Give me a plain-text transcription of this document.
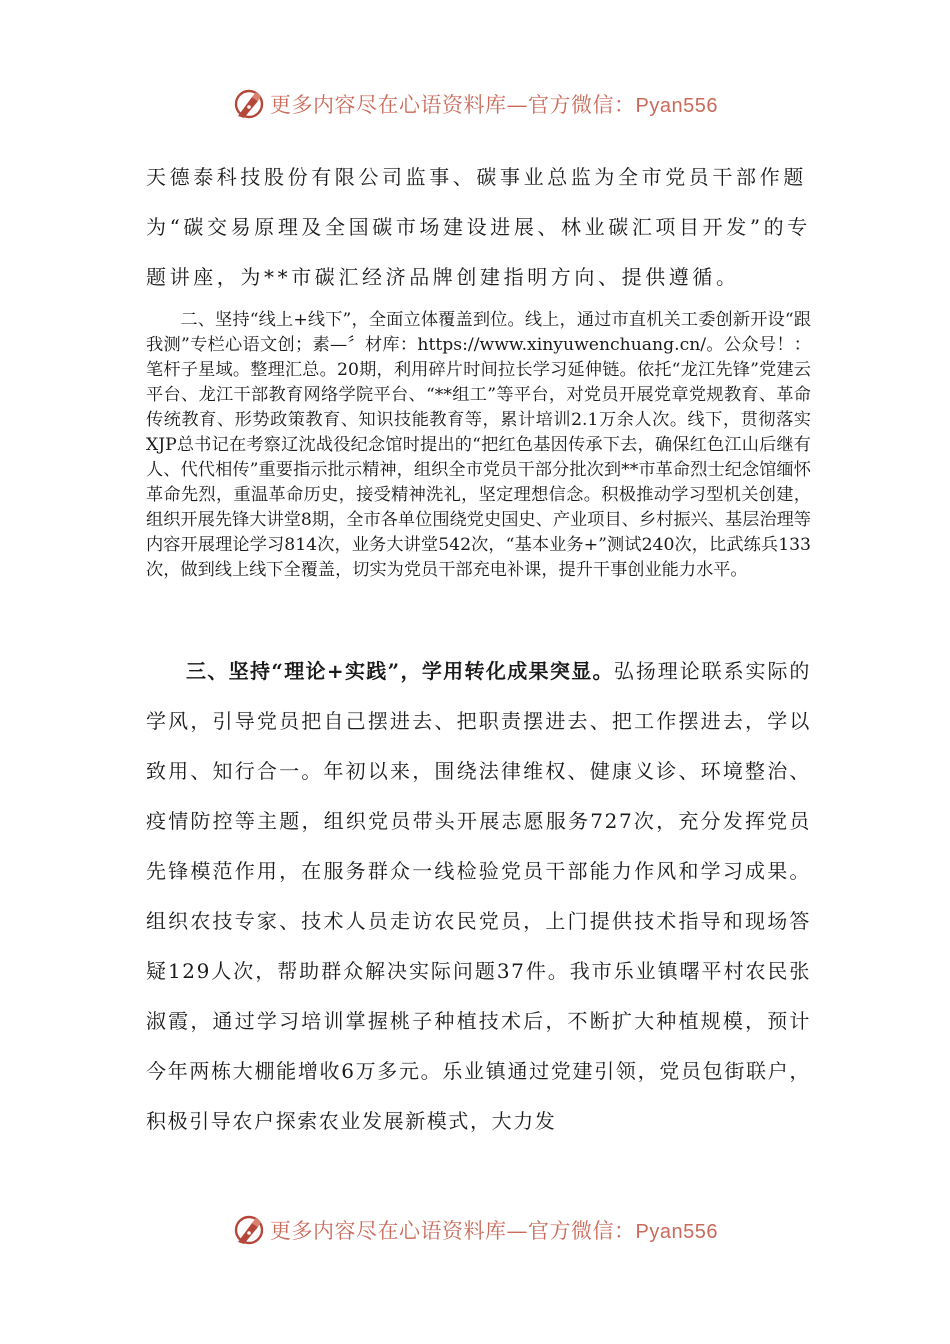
更多内容尽在心语资料库—官方微信：Pyan556

天德泰科技股份有限公司监事、碳事业总监为全市党员干部作题为“碳交易原理及全国碳市场建设进展、林业碳汇项目开发”的专题讲座，为**市碳汇经济品牌创建指明方向、提供遵循。

二、坚持“线上+线下”，全面立体覆盖到位。线上，通过市直机关工委创新开设“跟我测”专栏心语文创；素—〞材库：https://www.xinyuwenchuang.cn/。公众号！：笔杆子星域。整理汇总。20期，利用碎片时间拉长学习延伸链。依托“龙江先锋”党建云平台、龙江干部教育网络学院平台、“**组工”等平台，对党员开展党章党规教育、革命传统教育、形势政策教育、知识技能教育等，累计培训2.1万余人次。线下，贯彻落实XJP总书记在考察辽沈战役纪念馆时提出的“把红色基因传承下去，确保红色江山后继有人、代代相传”重要指示批示精神，组织全市党员干部分批次到**市革命烈士纪念馆缅怀革命先烈，重温革命历史，接受精神洗礼，坚定理想信念。积极推动学习型机关创建，组织开展先锋大讲堂8期，全市各单位围绕党史国史、产业项目、乡村振兴、基层治理等内容开展理论学习814次，业务大讲堂542次，“基本业务+”测试240次，比武练兵133次，做到线上线下全覆盖，切实为党员干部充电补课，提升干事创业能力水平。

三、坚持“理论+实践”，学用转化成果突显。弘扬理论联系实际的学风，引导党员把自己摆进去、把职责摆进去、把工作摆进去，学以致用、知行合一。年初以来，围绕法律维权、健康义诊、环境整治、疫情防控等主题，组织党员带头开展志愿服务727次，充分发挥党员先锋模范作用，在服务群众一线检验党员干部能力作风和学习成果。组织农技专家、技术人员走访农民党员，上门提供技术指导和现场答疑129人次，帮助群众解决实际问题37件。我市乐业镇曙平村农民张淑霞，通过学习培训掌握桃子种植技术后，不断扩大种植规模，预计今年两栋大棚能增收6万多元。乐业镇通过党建引领，党员包街联户，积极引导农户探索农业发展新模式，大力发

更多内容尽在心语资料库—官方微信：Pyan556
